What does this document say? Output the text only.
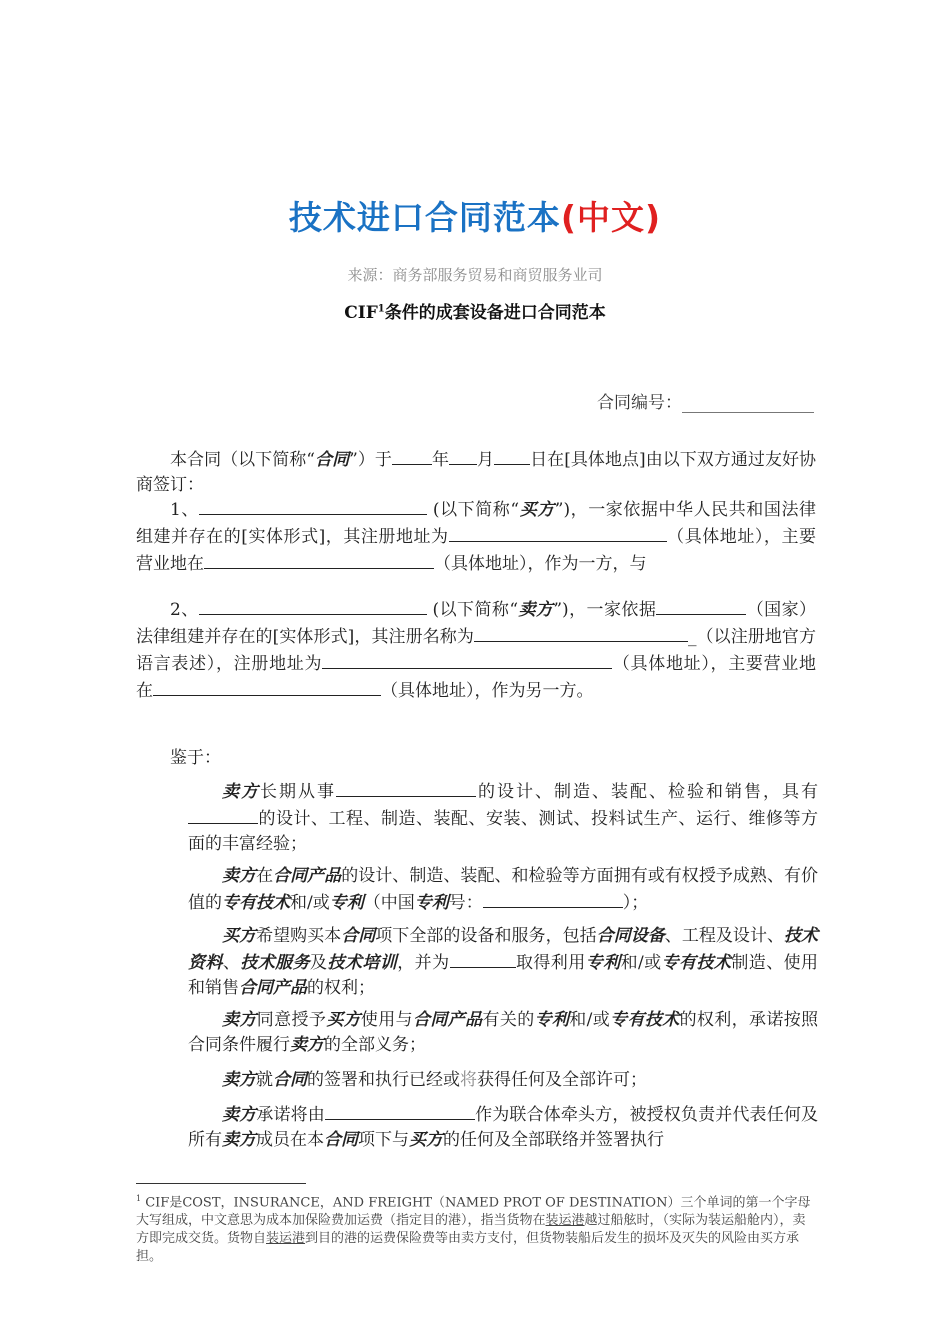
技术进口合同范本(中文)
来源：商务部服务贸易和商贸服务业司
CIF$^1$条件的成套设备进口合同范本
合同编号：
本合同（以下简称“合同”）于 年 月 日在[具体地点]由以下双方通过友好协商签订：
1、	(以下简称“买方”)，一家依据中华人民共和国法律组建并存在的[实体形式]，其注册地址为	（具体地址），主要营业地在	（具体地址），作为一方，与
2、	(以下简称“卖方”)，一家依据	（国家）法律组建并存在的[实体形式]，其注册名称为	_（以注册地官方语言表述），注册地址为	（具体地址），主要营业地在	（具体地址），作为另一方。
鉴于：

卖方长期从事	的设计、制造、装配、检验和销售，具有的设计、工程、制造、装配、安装、测试、投料试生产、运行、维修等方面的丰富经验；

卖方在合同产品的设计、制造、装配、和检验等方面拥有或有权授予成熟、有价值的专有技术和/或专利（中国专利号：	）；

买方希望购买本合同项下全部的设备和服务，包括合同设备、工程及设计、技术资料、技术服务及技术培训，并为	取得利用专利和/或专有技术制造、使用和销售合同产品的权利；

卖方同意授予买方使用与合同产品有关的专利和/或专有技术的权利，承诺按照合同条件履行卖方的全部义务；

卖方就合同的签署和执行已经或将获得任何及全部许可；

卖方承诺将由	作为联合体牵头方，被授权负责并代表任何及所有卖方成员在本合同项下与买方的任何及全部联络并签署执行

$^1$ CIF是COST，INSURANCE，AND FREIGHT（NAMED PROT OF DESTINATION）三个单词的第一个字母大写组成，中文意思为成本加保险费加运费（指定目的港），指当货物在装运港越过船舷时，（实际为装运船舱内），卖方即完成交货。货物自装运港到目的港的运费保险费等由卖方支付，但货物装船后发生的损坏及灭失的风险由买方承担。
